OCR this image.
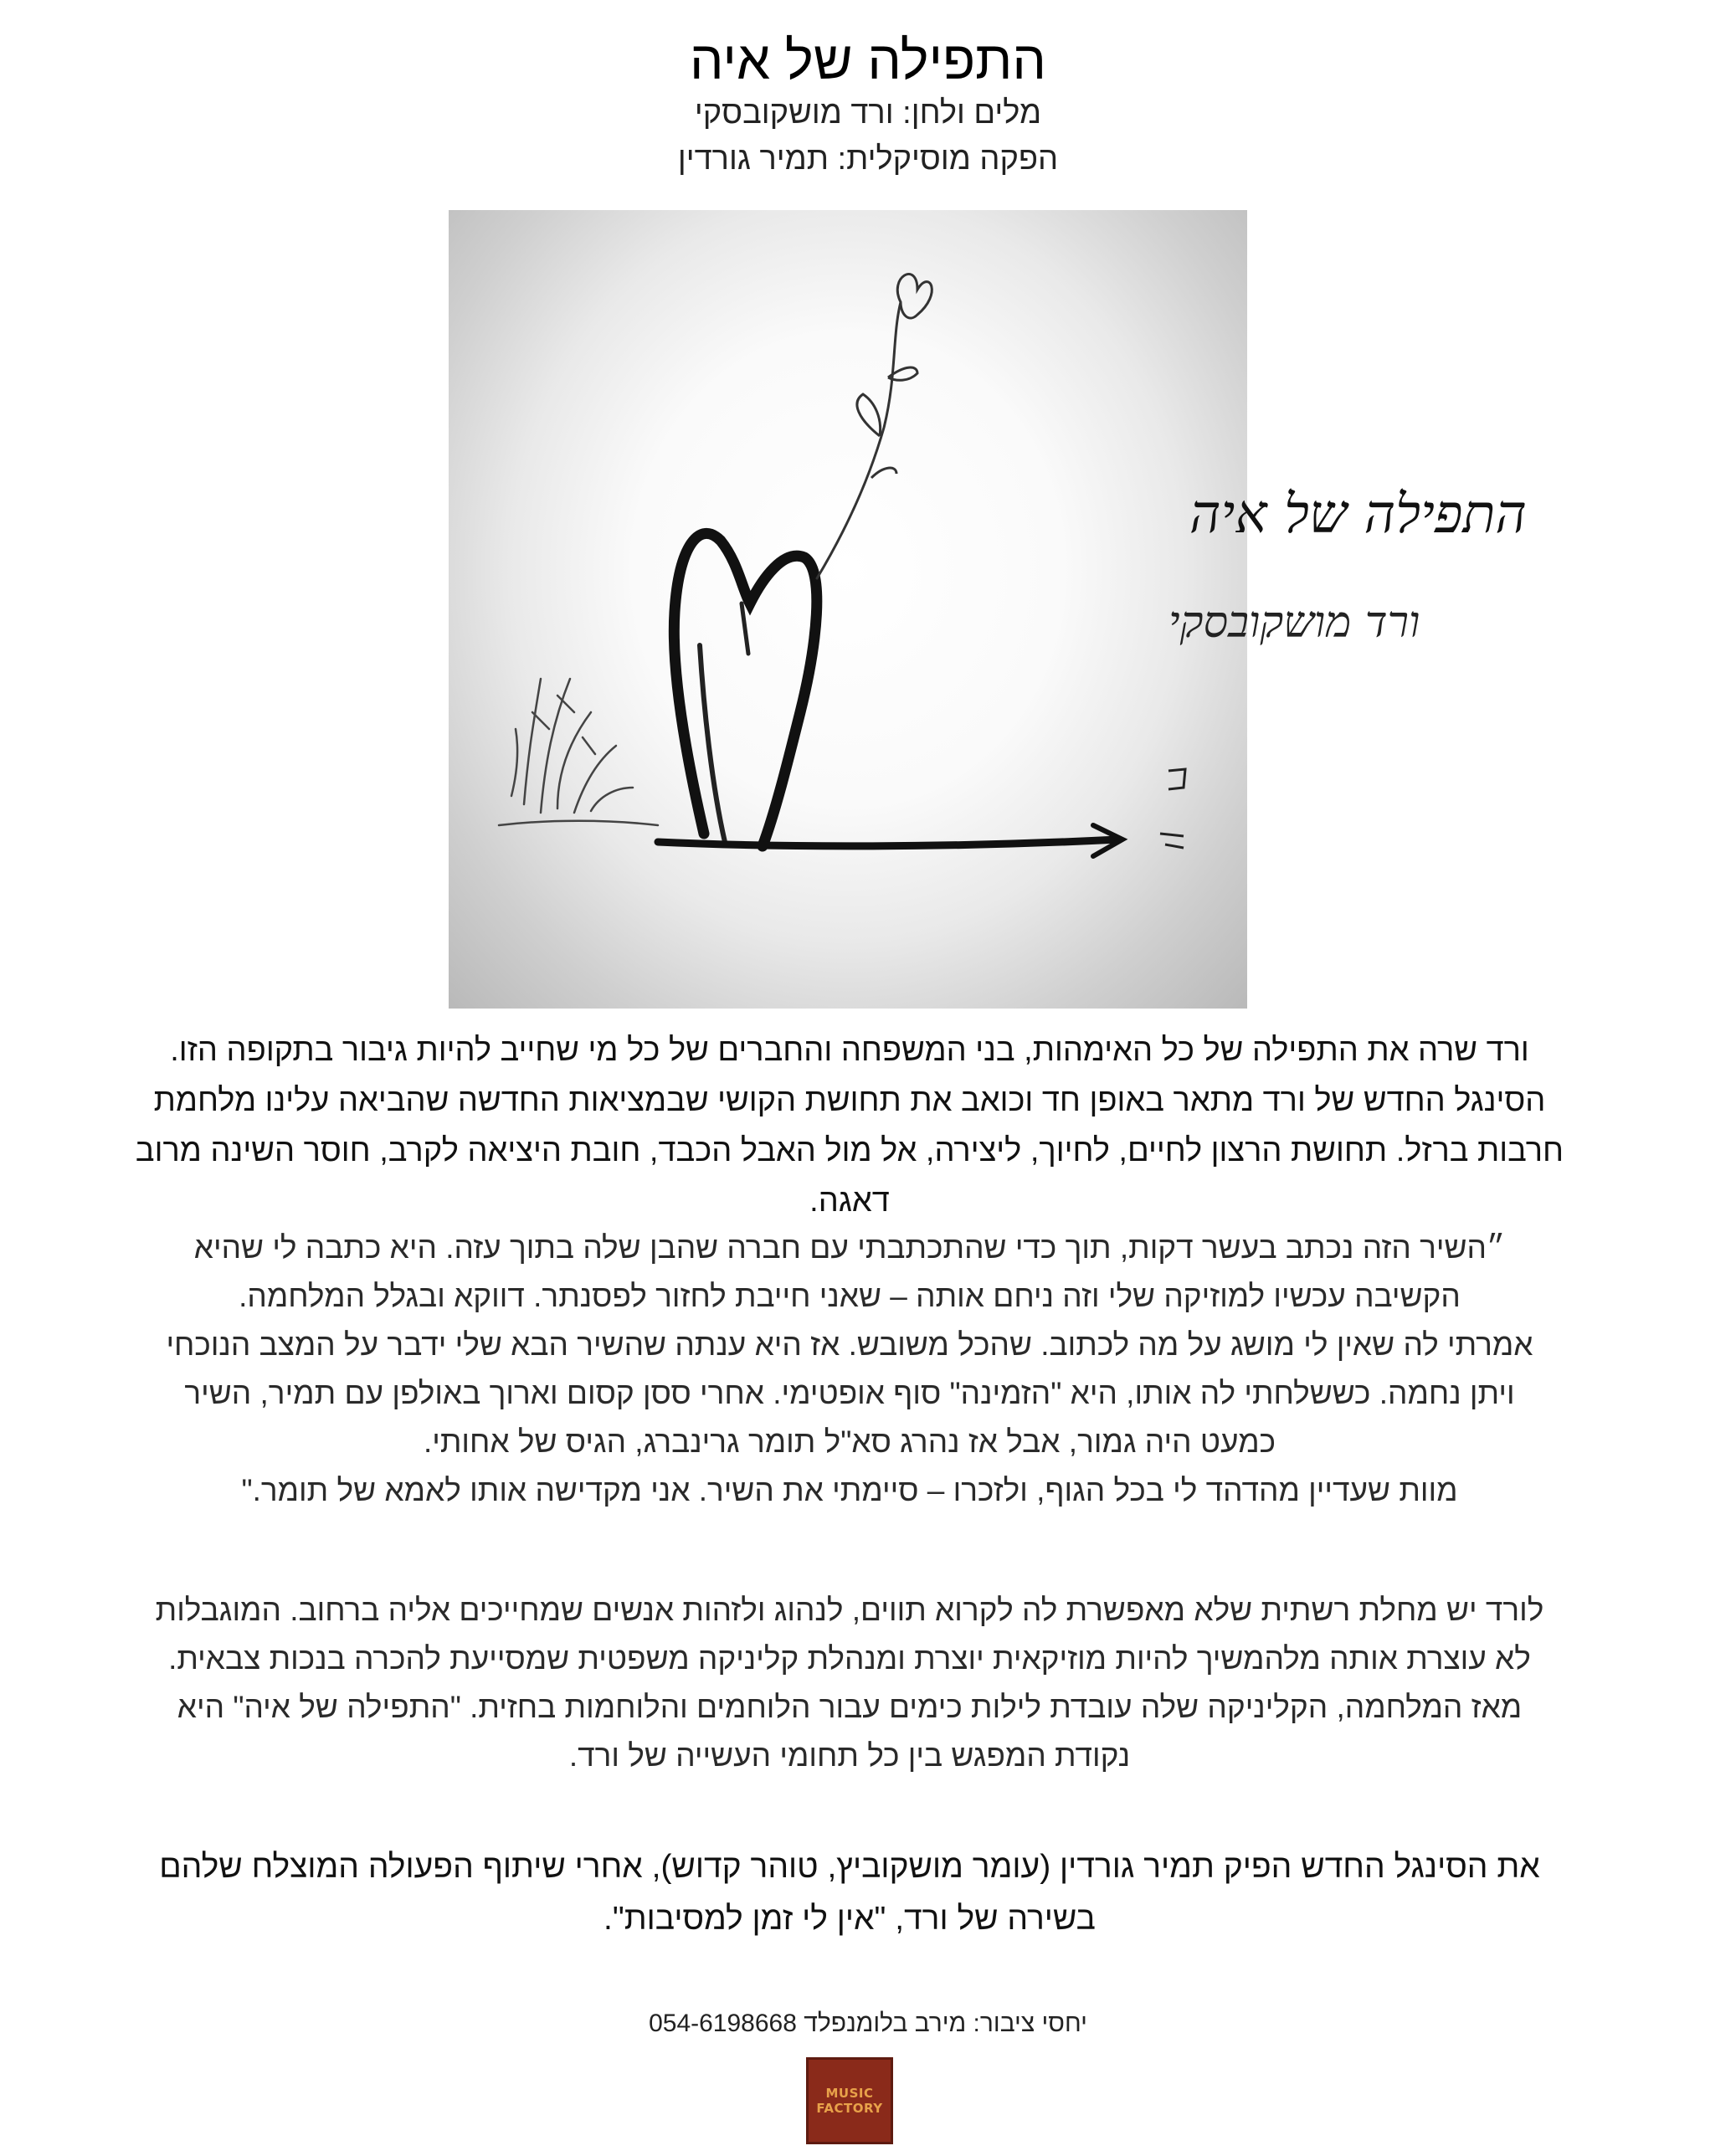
התפילה של איה
מלים ולחן: ורד מושקובסקי
הפקה מוסיקלית: תמיר גורדין
התפילה של איה
ורד מושקובסקי
ורד שרה את התפילה של כל האימהות, בני המשפחה והחברים של כל מי שחייב להיות גיבור בתקופה הזו.
הסינגל החדש של ורד מתאר באופן חד וכואב את תחושת הקושי שבמציאות החדשה שהביאה עלינו מלחמת
חרבות ברזל. תחושת הרצון לחיים, לחיוך, ליצירה, אל מול האבל הכבד, חובת היציאה לקרב, חוסר השינה מרוב
דאגה.
״השיר הזה נכתב בעשר דקות, תוך כדי שהתכתבתי עם חברה שהבן שלה בתוך עזה. היא כתבה לי שהיא
הקשיבה עכשיו למוזיקה שלי וזה ניחם אותה – שאני חייבת לחזור לפסנתר. דווקא ובגלל המלחמה.
אמרתי לה שאין לי מושג על מה לכתוב. שהכל משובש. אז היא ענתה שהשיר הבא שלי ידבר על המצב הנוכחי
ויתן נחמה. כששלחתי לה אותו, היא "הזמינה" סוף אופטימי. אחרי ססן קסום וארוך באולפן עם תמיר, השיר
כמעט היה גמור, אבל אז נהרג סא"ל תומר גרינברג, הגיס של אחותי.
מוות שעדיין מהדהד לי בכל הגוף, ולזכרו – סיימתי את השיר. אני מקדישה אותו לאמא של תומר."
לורד יש מחלת רשתית שלא מאפשרת לה לקרוא תווים, לנהוג ולזהות אנשים שמחייכים אליה ברחוב. המוגבלות
לא עוצרת אותה מלהמשיך להיות מוזיקאית יוצרת ומנהלת קליניקה משפטית שמסייעת להכרה בנכות צבאית.
מאז המלחמה, הקליניקה שלה עובדת לילות כימים עבור הלוחמים והלוחמות בחזית. "התפילה של איה" היא
נקודת המפגש בין כל תחומי העשייה של ורד.
את הסינגל החדש הפיק תמיר גורדין (עומר מושקוביץ, טוהר קדוש), אחרי שיתוף הפעולה המוצלח שלהם
בשירה של ורד, "אין לי זמן למסיבות".
יחסי ציבור: מירב בלומנפלד 054-6198668
MUSIC
FACTORY
